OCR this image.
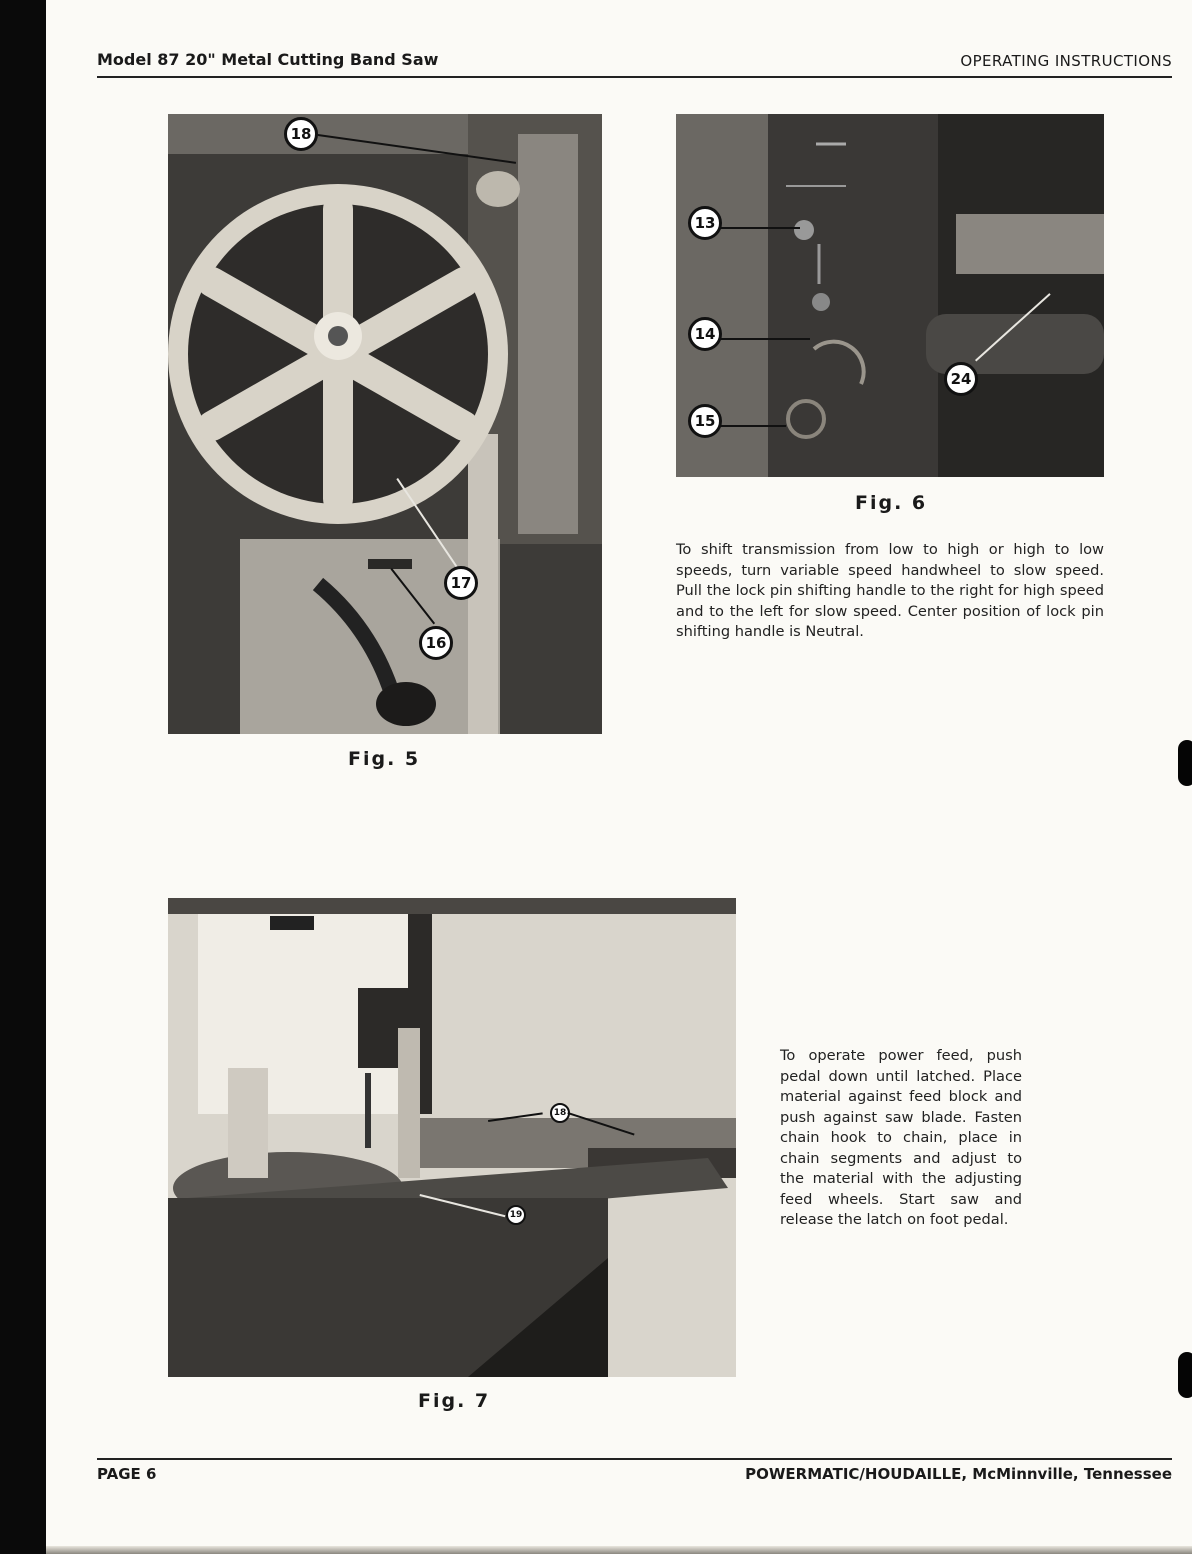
Model 87 20" Metal Cutting Band Saw	OPERATING INSTRUCTIONS
18
17
16
Fig. 5
13
14
15
24
Fig. 6
To shift transmission from low to high or high to low speeds, turn variable speed handwheel to slow speed. Pull the lock pin shifting handle to the right for high speed and to the left for slow speed. Center position of lock pin shifting handle is Neutral.
18
19
Fig. 7
To operate power feed, push pedal down until latched. Place material against feed block and push against saw blade. Fasten chain hook to chain, place in chain segments and adjust to the material with the adjusting feed wheels. Start saw and release the latch on foot pedal.
PAGE 6	POWERMATIC/HOUDAILLE, McMinnville, Tennessee
